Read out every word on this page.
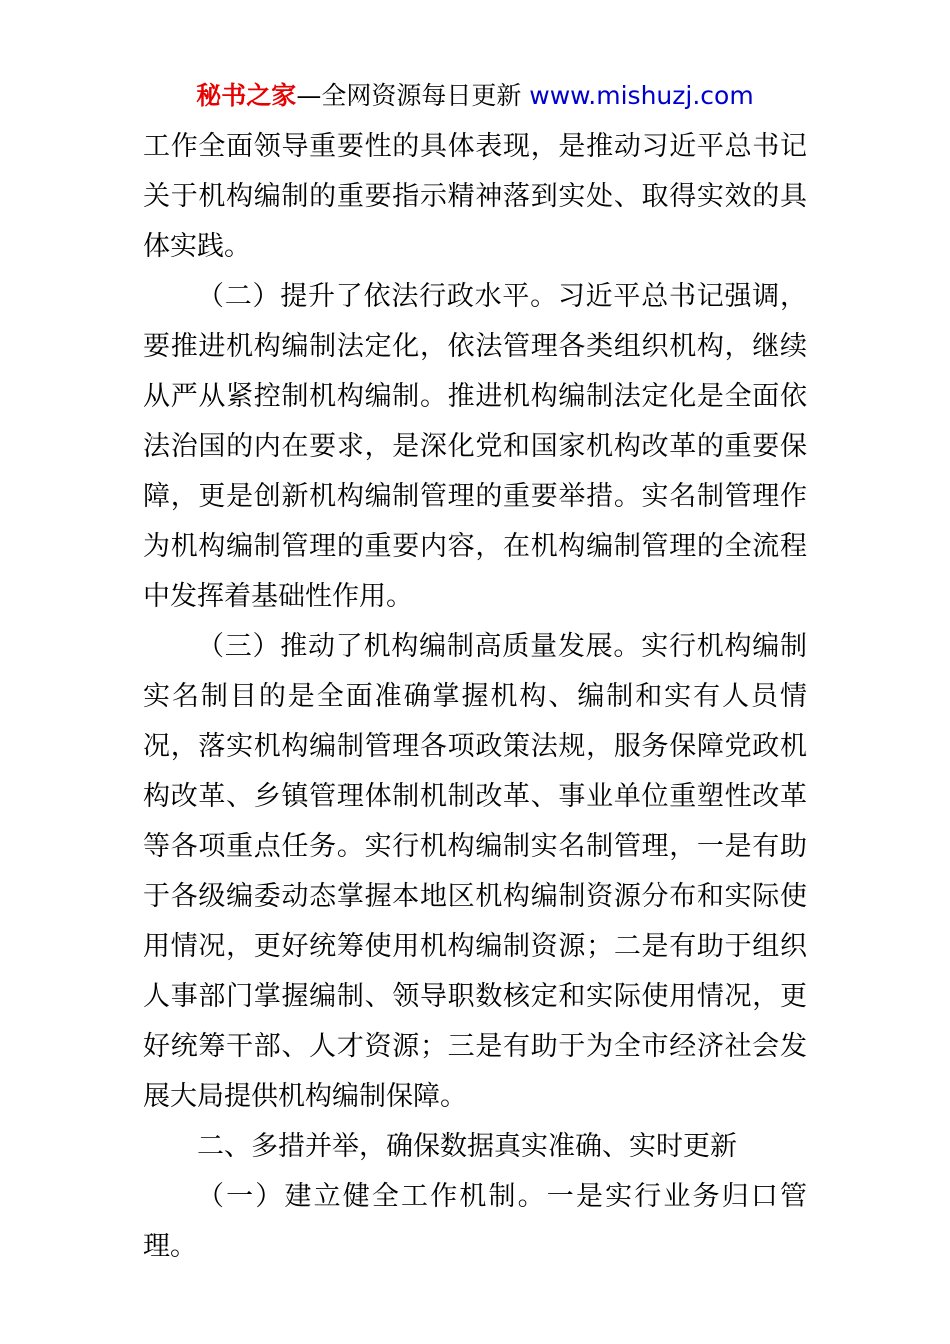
秘书之家—全网资源每日更新 www.mishuzj.com

工作全面领导重要性的具体表现，是推动习近平总书记关于机构编制的重要指示精神落到实处、取得实效的具体实践。

（二）提升了依法行政水平。习近平总书记强调，要推进机构编制法定化，依法管理各类组织机构，继续从严从紧控制机构编制。推进机构编制法定化是全面依法治国的内在要求，是深化党和国家机构改革的重要保障，更是创新机构编制管理的重要举措。实名制管理作为机构编制管理的重要内容，在机构编制管理的全流程中发挥着基础性作用。

（三）推动了机构编制高质量发展。实行机构编制实名制目的是全面准确掌握机构、编制和实有人员情况，落实机构编制管理各项政策法规，服务保障党政机构改革、乡镇管理体制机制改革、事业单位重塑性改革等各项重点任务。实行机构编制实名制管理，一是有助于各级编委动态掌握本地区机构编制资源分布和实际使用情况，更好统筹使用机构编制资源；二是有助于组织人事部门掌握编制、领导职数核定和实际使用情况，更好统筹干部、人才资源；三是有助于为全市经济社会发展大局提供机构编制保障。

二、多措并举，确保数据真实准确、实时更新

（一）建立健全工作机制。一是实行业务归口管理。
